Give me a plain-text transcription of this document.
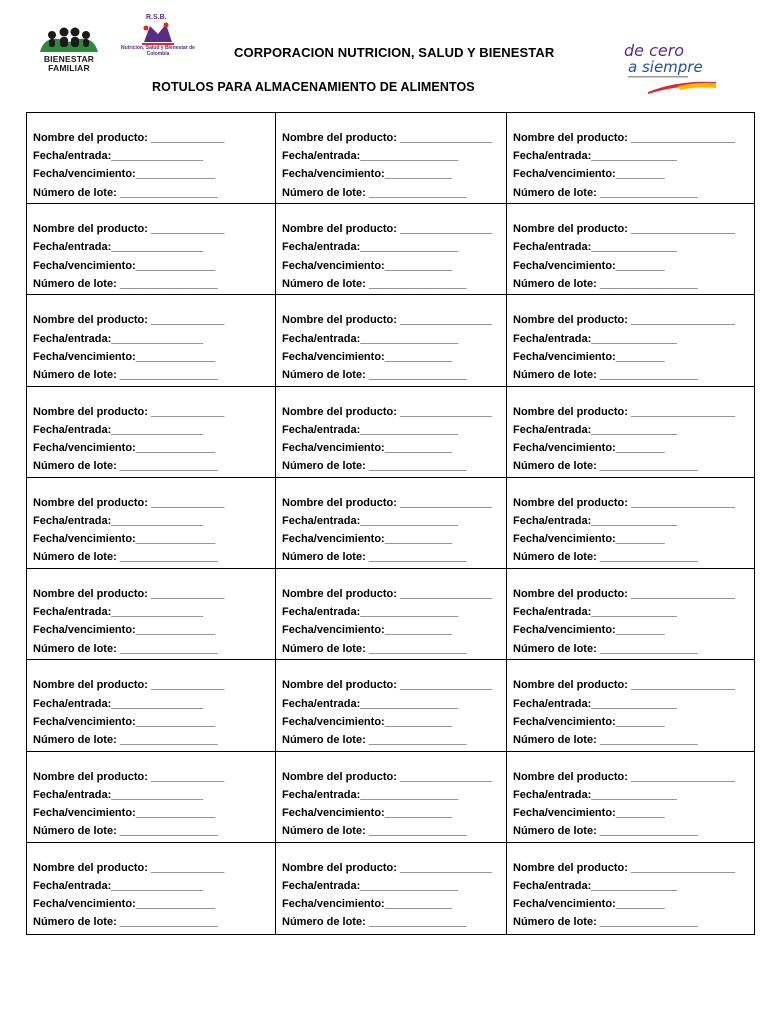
BIENESTAR
FAMILIAR
R.S.B.
Nutrición, Salud y Bienestar de Colombia	CORPORACION NUTRICION, SALUD Y BIENESTAR
ROTULOS PARA ALMACENAMIENTO DE ALIMENTOS
de cero
a siempre
Nombre del producto: ____________
Fecha/entrada:_______________
Fecha/vencimiento:_____________
Número de lote: ________________
Nombre del producto: _______________
Fecha/entrada:________________
Fecha/vencimiento:___________
Número de lote: ________________
Nombre del producto: _________________
Fecha/entrada:______________
Fecha/vencimiento:________
Número de lote: ________________
Nombre del producto: ____________
Fecha/entrada:_______________
Fecha/vencimiento:_____________
Número de lote: ________________
Nombre del producto: _______________
Fecha/entrada:________________
Fecha/vencimiento:___________
Número de lote: ________________
Nombre del producto: _________________
Fecha/entrada:______________
Fecha/vencimiento:________
Número de lote: ________________
Nombre del producto: ____________
Fecha/entrada:_______________
Fecha/vencimiento:_____________
Número de lote: ________________
Nombre del producto: _______________
Fecha/entrada:________________
Fecha/vencimiento:___________
Número de lote: ________________
Nombre del producto: _________________
Fecha/entrada:______________
Fecha/vencimiento:________
Número de lote: ________________
Nombre del producto: ____________
Fecha/entrada:_______________
Fecha/vencimiento:_____________
Número de lote: ________________
Nombre del producto: _______________
Fecha/entrada:________________
Fecha/vencimiento:___________
Número de lote: ________________
Nombre del producto: _________________
Fecha/entrada:______________
Fecha/vencimiento:________
Número de lote: ________________
Nombre del producto: ____________
Fecha/entrada:_______________
Fecha/vencimiento:_____________
Número de lote: ________________
Nombre del producto: _______________
Fecha/entrada:________________
Fecha/vencimiento:___________
Número de lote: ________________
Nombre del producto: _________________
Fecha/entrada:______________
Fecha/vencimiento:________
Número de lote: ________________
Nombre del producto: ____________
Fecha/entrada:_______________
Fecha/vencimiento:_____________
Número de lote: ________________
Nombre del producto: _______________
Fecha/entrada:________________
Fecha/vencimiento:___________
Número de lote: ________________
Nombre del producto: _________________
Fecha/entrada:______________
Fecha/vencimiento:________
Número de lote: ________________
Nombre del producto: ____________
Fecha/entrada:_______________
Fecha/vencimiento:_____________
Número de lote: ________________
Nombre del producto: _______________
Fecha/entrada:________________
Fecha/vencimiento:___________
Número de lote: ________________
Nombre del producto: _________________
Fecha/entrada:______________
Fecha/vencimiento:________
Número de lote: ________________
Nombre del producto: ____________
Fecha/entrada:_______________
Fecha/vencimiento:_____________
Número de lote: ________________
Nombre del producto: _______________
Fecha/entrada:________________
Fecha/vencimiento:___________
Número de lote: ________________
Nombre del producto: _________________
Fecha/entrada:______________
Fecha/vencimiento:________
Número de lote: ________________
Nombre del producto: ____________
Fecha/entrada:_______________
Fecha/vencimiento:_____________
Número de lote: ________________
Nombre del producto: _______________
Fecha/entrada:________________
Fecha/vencimiento:___________
Número de lote: ________________
Nombre del producto: _________________
Fecha/entrada:______________
Fecha/vencimiento:________
Número de lote: ________________
